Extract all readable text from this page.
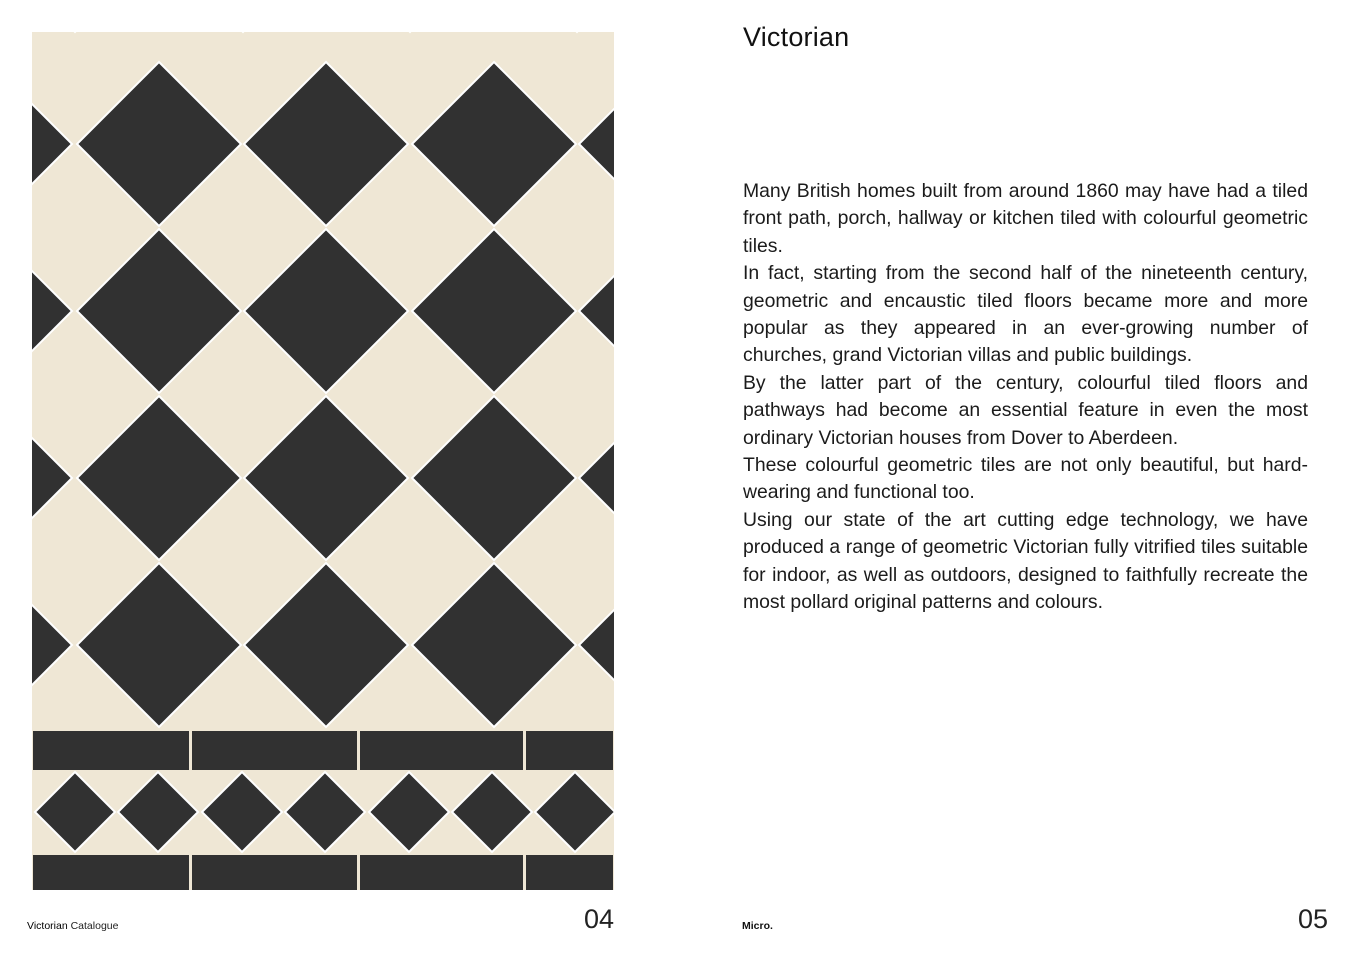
Victorian

Many British homes built from around 1860 may have had a tiled front path, porch, hallway or kitchen tiled with colourful geometric tiles.

In fact, starting from the second half of the nineteenth century, geometric and encaustic tiled floors became more and more popular as they appeared in an ever-growing number of churches, grand Victorian villas and public buildings.

By the latter part of the century, colourful tiled floors and pathways had become an essential feature in even the most ordinary Victorian houses from Dover to Aberdeen.

These colourful geometric tiles are not only beautiful, but hard-wearing and functional too.

Using our state of the art cutting edge technology, we have produced a range of geometric Victorian fully vitrified tiles suitable for indoor, as well as outdoors, designed to faithfully recreate the most pollard original patterns and colours.

Victorian Catalogue	04	Micro.	05
